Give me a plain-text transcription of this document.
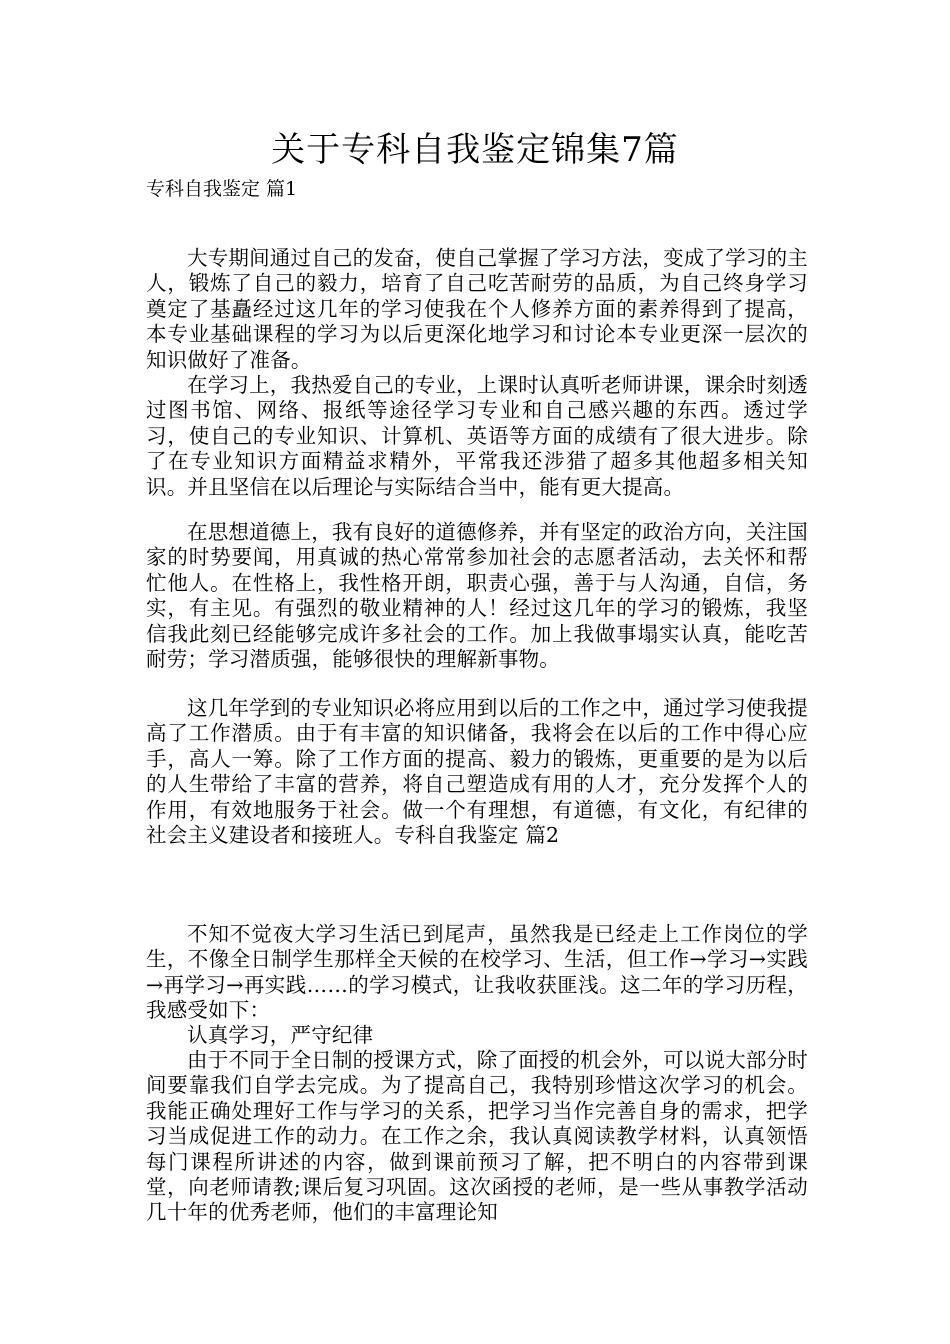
关于专科自我鉴定锦集7篇
专科自我鉴定 篇1
大专期间通过自己的发奋，使自己掌握了学习方法，变成了学习的主人，锻炼了自己的毅力，培育了自己吃苦耐劳的品质，为自己终身学习奠定了基矗经过这几年的学习使我在个人修养方面的素养得到了提高，本专业基础课程的学习为以后更深化地学习和讨论本专业更深一层次的知识做好了准备。
在学习上，我热爱自己的专业，上课时认真听老师讲课，课余时刻透过图书馆、网络、报纸等途径学习专业和自己感兴趣的东西。透过学习，使自己的专业知识、计算机、英语等方面的成绩有了很大进步。除了在专业知识方面精益求精外，平常我还涉猎了超多其他超多相关知识。并且坚信在以后理论与实际结合当中，能有更大提高。
在思想道德上，我有良好的道德修养，并有坚定的政治方向，关注国家的时势要闻，用真诚的热心常常参加社会的志愿者活动，去关怀和帮忙他人。在性格上，我性格开朗，职责心强，善于与人沟通，自信，务实，有主见。有强烈的敬业精神的人！经过这几年的学习的锻炼，我坚信我此刻已经能够完成许多社会的工作。加上我做事塌实认真，能吃苦耐劳；学习潜质强，能够很快的理解新事物。
这几年学到的专业知识必将应用到以后的工作之中，通过学习使我提高了工作潜质。由于有丰富的知识储备，我将会在以后的工作中得心应手，高人一筹。除了工作方面的提高、毅力的锻炼，更重要的是为以后的人生带给了丰富的营养，将自己塑造成有用的人才，充分发挥个人的作用，有效地服务于社会。做一个有理想，有道德，有文化，有纪律的社会主义建设者和接班人。专科自我鉴定 篇2
不知不觉夜大学习生活已到尾声，虽然我是已经走上工作岗位的学生，不像全日制学生那样全天候的在校学习、生活，但工作→学习→实践→再学习→再实践……的学习模式，让我收获匪浅。这二年的学习历程，我感受如下：
认真学习，严守纪律
由于不同于全日制的授课方式，除了面授的机会外，可以说大部分时间要靠我们自学去完成。为了提高自己，我特别珍惜这次学习的机会。我能正确处理好工作与学习的关系，把学习当作完善自身的需求，把学习当成促进工作的动力。在工作之余，我认真阅读教学材料，认真领悟每门课程所讲述的内容，做到课前预习了解，把不明白的内容带到课堂，向老师请教;课后复习巩固。这次函授的老师，是一些从事教学活动几十年的优秀老师，他们的丰富理论知
